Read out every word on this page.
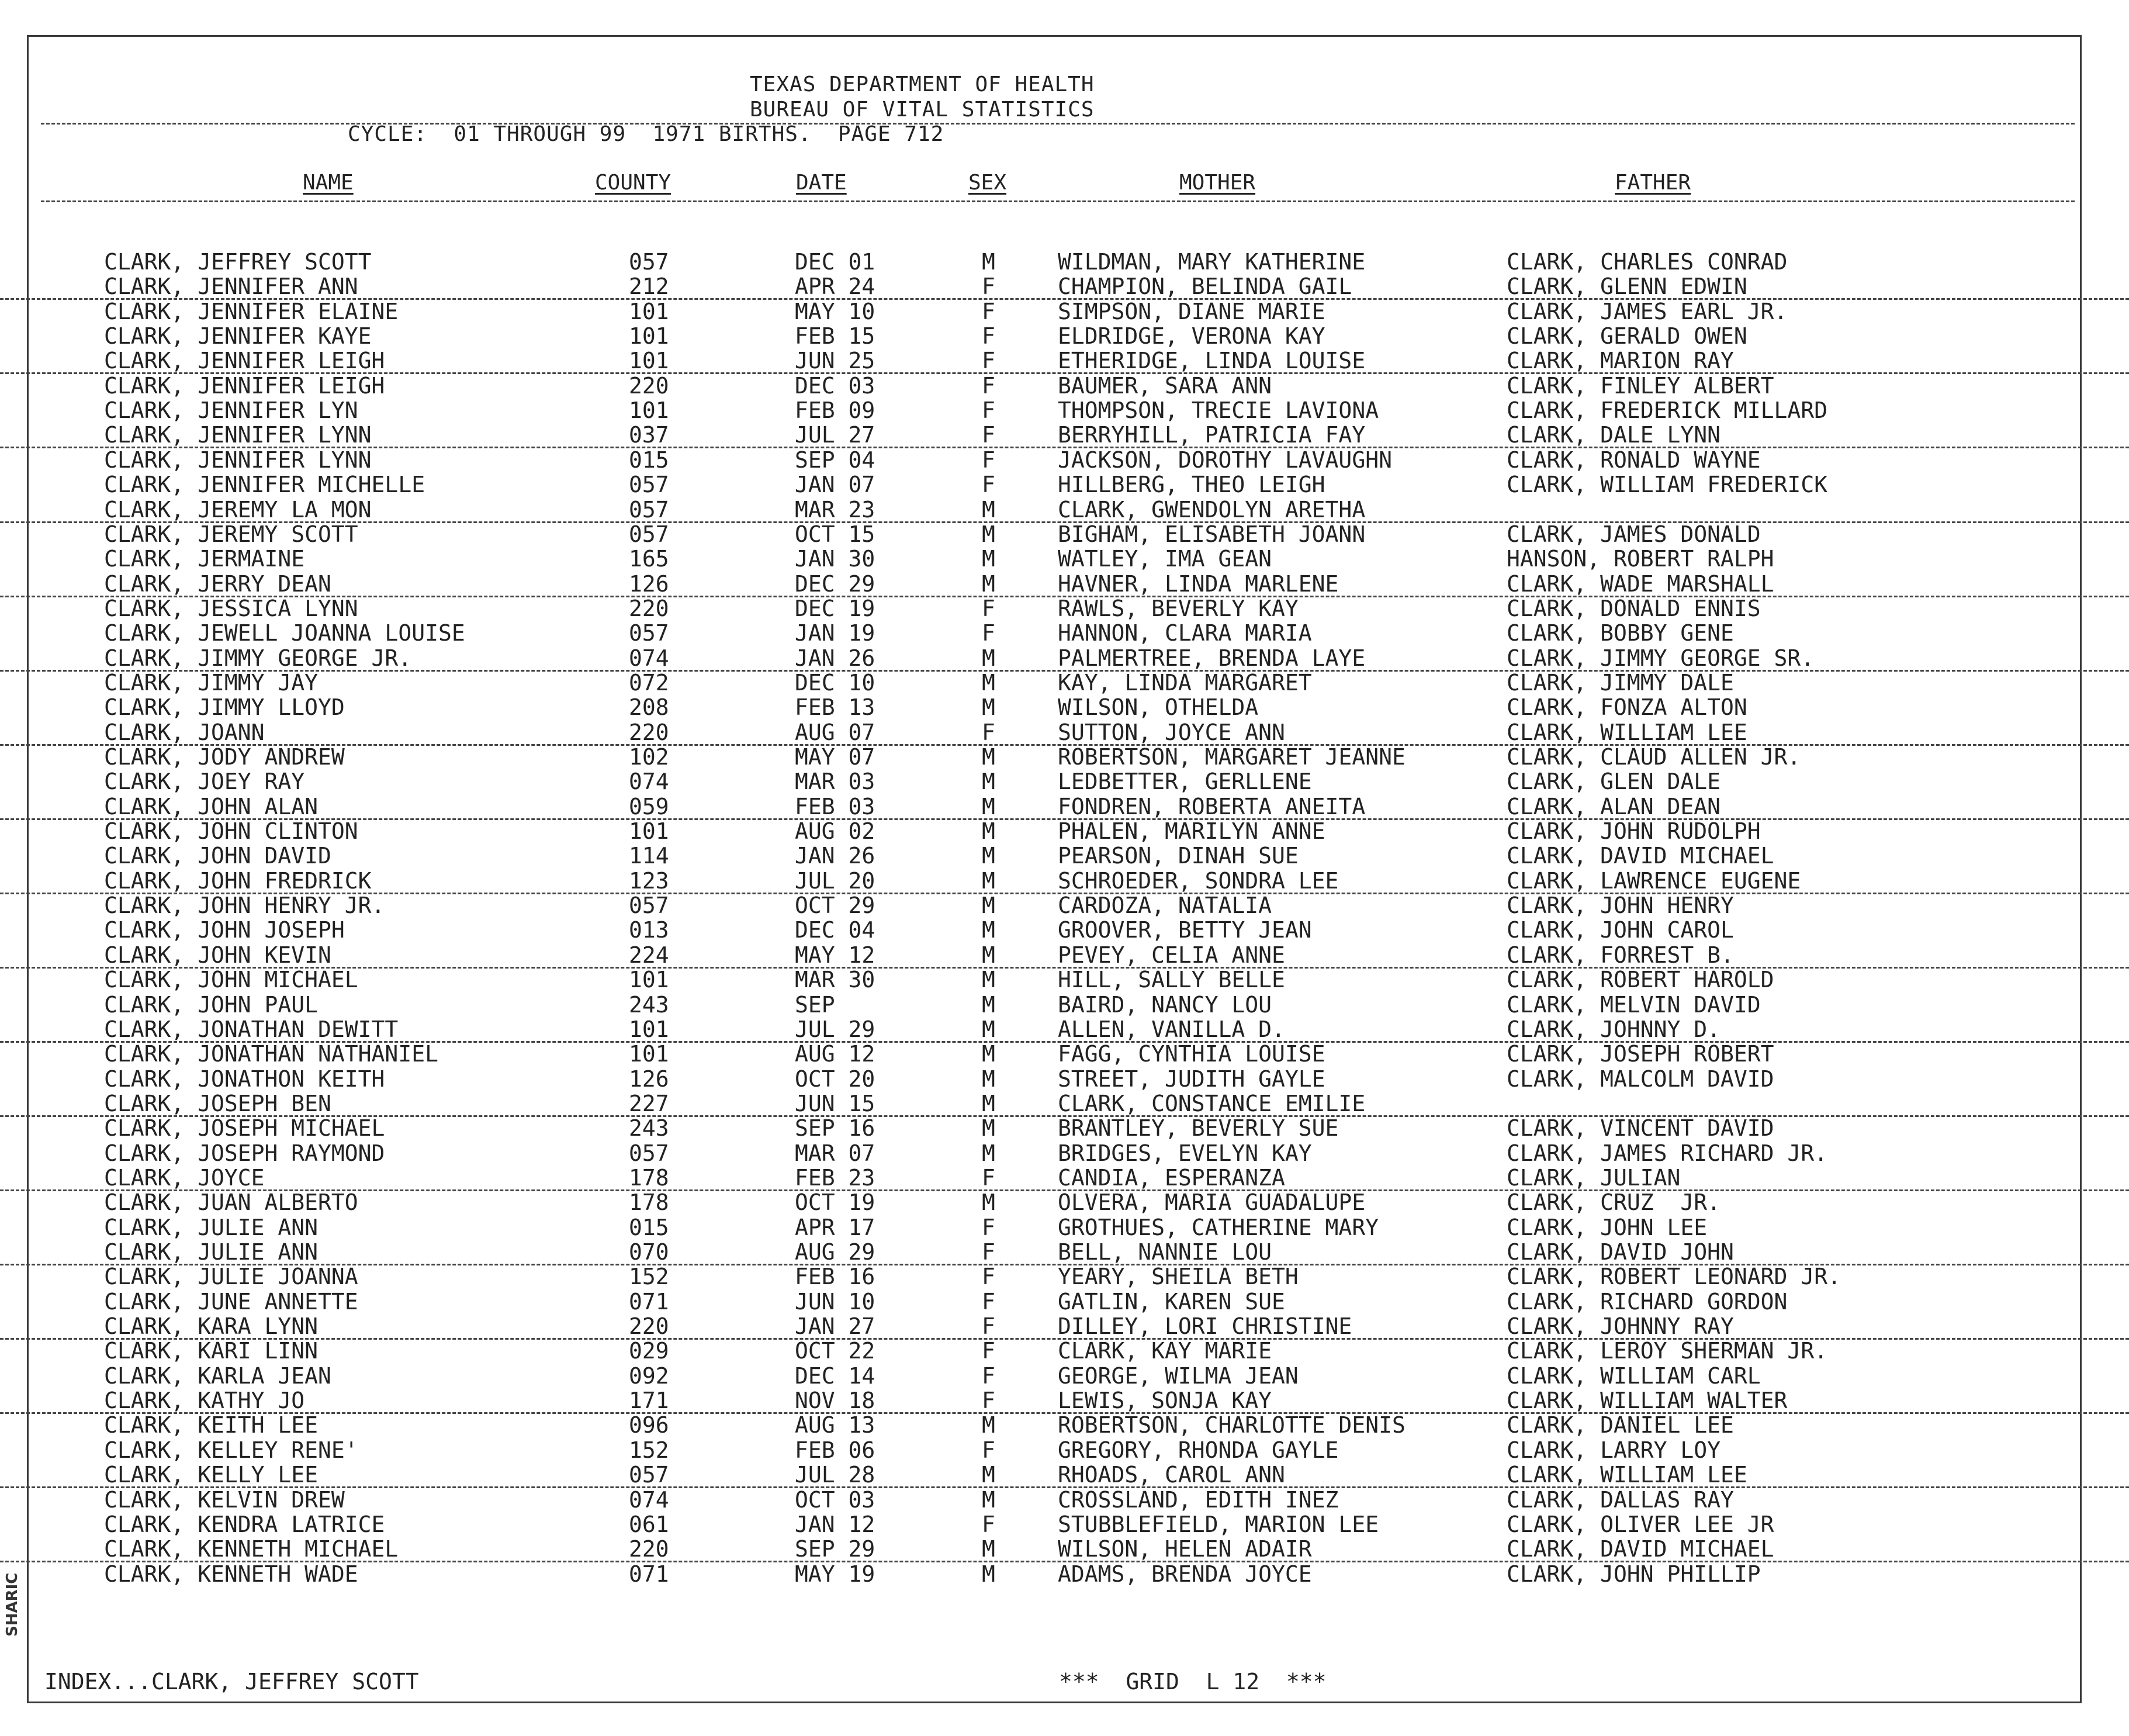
SHARIC
TEXAS DEPARTMENT OF HEALTH
BUREAU OF VITAL STATISTICS
CYCLE:  01 THROUGH 99  1971 BIRTHS.  PAGE 712
NAME	COUNTY	DATE	SEX	MOTHER	FATHER
CLARK, JEFFREY SCOTT	057	DEC 01	M	WILDMAN, MARY KATHERINE	CLARK, CHARLES CONRAD
CLARK, JENNIFER ANN	212	APR 24	F	CHAMPION, BELINDA GAIL	CLARK, GLENN EDWIN
CLARK, JENNIFER ELAINE	101	MAY 10	F	SIMPSON, DIANE MARIE	CLARK, JAMES EARL JR.
CLARK, JENNIFER KAYE	101	FEB 15	F	ELDRIDGE, VERONA KAY	CLARK, GERALD OWEN
CLARK, JENNIFER LEIGH	101	JUN 25	F	ETHERIDGE, LINDA LOUISE	CLARK, MARION RAY
CLARK, JENNIFER LEIGH	220	DEC 03	F	BAUMER, SARA ANN	CLARK, FINLEY ALBERT
CLARK, JENNIFER LYN	101	FEB 09	F	THOMPSON, TRECIE LAVIONA	CLARK, FREDERICK MILLARD
CLARK, JENNIFER LYNN	037	JUL 27	F	BERRYHILL, PATRICIA FAY	CLARK, DALE LYNN
CLARK, JENNIFER LYNN	015	SEP 04	F	JACKSON, DOROTHY LAVAUGHN	CLARK, RONALD WAYNE
CLARK, JENNIFER MICHELLE	057	JAN 07	F	HILLBERG, THEO LEIGH	CLARK, WILLIAM FREDERICK
CLARK, JEREMY LA MON	057	MAR 23	M	CLARK, GWENDOLYN ARETHA
CLARK, JEREMY SCOTT	057	OCT 15	M	BIGHAM, ELISABETH JOANN	CLARK, JAMES DONALD
CLARK, JERMAINE	165	JAN 30	M	WATLEY, IMA GEAN	HANSON, ROBERT RALPH
CLARK, JERRY DEAN	126	DEC 29	M	HAVNER, LINDA MARLENE	CLARK, WADE MARSHALL
CLARK, JESSICA LYNN	220	DEC 19	F	RAWLS, BEVERLY KAY	CLARK, DONALD ENNIS
CLARK, JEWELL JOANNA LOUISE	057	JAN 19	F	HANNON, CLARA MARIA	CLARK, BOBBY GENE
CLARK, JIMMY GEORGE JR.	074	JAN 26	M	PALMERTREE, BRENDA LAYE	CLARK, JIMMY GEORGE SR.
CLARK, JIMMY JAY	072	DEC 10	M	KAY, LINDA MARGARET	CLARK, JIMMY DALE
CLARK, JIMMY LLOYD	208	FEB 13	M	WILSON, OTHELDA	CLARK, FONZA ALTON
CLARK, JOANN	220	AUG 07	F	SUTTON, JOYCE ANN	CLARK, WILLIAM LEE
CLARK, JODY ANDREW	102	MAY 07	M	ROBERTSON, MARGARET JEANNE	CLARK, CLAUD ALLEN JR.
CLARK, JOEY RAY	074	MAR 03	M	LEDBETTER, GERLLENE	CLARK, GLEN DALE
CLARK, JOHN ALAN	059	FEB 03	M	FONDREN, ROBERTA ANEITA	CLARK, ALAN DEAN
CLARK, JOHN CLINTON	101	AUG 02	M	PHALEN, MARILYN ANNE	CLARK, JOHN RUDOLPH
CLARK, JOHN DAVID	114	JAN 26	M	PEARSON, DINAH SUE	CLARK, DAVID MICHAEL
CLARK, JOHN FREDRICK	123	JUL 20	M	SCHROEDER, SONDRA LEE	CLARK, LAWRENCE EUGENE
CLARK, JOHN HENRY JR.	057	OCT 29	M	CARDOZA, NATALIA	CLARK, JOHN HENRY
CLARK, JOHN JOSEPH	013	DEC 04	M	GROOVER, BETTY JEAN	CLARK, JOHN CAROL
CLARK, JOHN KEVIN	224	MAY 12	M	PEVEY, CELIA ANNE	CLARK, FORREST B.
CLARK, JOHN MICHAEL	101	MAR 30	M	HILL, SALLY BELLE	CLARK, ROBERT HAROLD
CLARK, JOHN PAUL	243	SEP	M	BAIRD, NANCY LOU	CLARK, MELVIN DAVID
CLARK, JONATHAN DEWITT	101	JUL 29	M	ALLEN, VANILLA D.	CLARK, JOHNNY D.
CLARK, JONATHAN NATHANIEL	101	AUG 12	M	FAGG, CYNTHIA LOUISE	CLARK, JOSEPH ROBERT
CLARK, JONATHON KEITH	126	OCT 20	M	STREET, JUDITH GAYLE	CLARK, MALCOLM DAVID
CLARK, JOSEPH BEN	227	JUN 15	M	CLARK, CONSTANCE EMILIE
CLARK, JOSEPH MICHAEL	243	SEP 16	M	BRANTLEY, BEVERLY SUE	CLARK, VINCENT DAVID
CLARK, JOSEPH RAYMOND	057	MAR 07	M	BRIDGES, EVELYN KAY	CLARK, JAMES RICHARD JR.
CLARK, JOYCE	178	FEB 23	F	CANDIA, ESPERANZA	CLARK, JULIAN
CLARK, JUAN ALBERTO	178	OCT 19	M	OLVERA, MARIA GUADALUPE	CLARK, CRUZ  JR.
CLARK, JULIE ANN	015	APR 17	F	GROTHUES, CATHERINE MARY	CLARK, JOHN LEE
CLARK, JULIE ANN	070	AUG 29	F	BELL, NANNIE LOU	CLARK, DAVID JOHN
CLARK, JULIE JOANNA	152	FEB 16	F	YEARY, SHEILA BETH	CLARK, ROBERT LEONARD JR.
CLARK, JUNE ANNETTE	071	JUN 10	F	GATLIN, KAREN SUE	CLARK, RICHARD GORDON
CLARK, KARA LYNN	220	JAN 27	F	DILLEY, LORI CHRISTINE	CLARK, JOHNNY RAY
CLARK, KARI LINN	029	OCT 22	F	CLARK, KAY MARIE	CLARK, LEROY SHERMAN JR.
CLARK, KARLA JEAN	092	DEC 14	F	GEORGE, WILMA JEAN	CLARK, WILLIAM CARL
CLARK, KATHY JO	171	NOV 18	F	LEWIS, SONJA KAY	CLARK, WILLIAM WALTER
CLARK, KEITH LEE	096	AUG 13	M	ROBERTSON, CHARLOTTE DENIS	CLARK, DANIEL LEE
CLARK, KELLEY RENE'	152	FEB 06	F	GREGORY, RHONDA GAYLE	CLARK, LARRY LOY
CLARK, KELLY LEE	057	JUL 28	M	RHOADS, CAROL ANN	CLARK, WILLIAM LEE
CLARK, KELVIN DREW	074	OCT 03	M	CROSSLAND, EDITH INEZ	CLARK, DALLAS RAY
CLARK, KENDRA LATRICE	061	JAN 12	F	STUBBLEFIELD, MARION LEE	CLARK, OLIVER LEE JR
CLARK, KENNETH MICHAEL	220	SEP 29	M	WILSON, HELEN ADAIR	CLARK, DAVID MICHAEL
CLARK, KENNETH WADE	071	MAY 19	M	ADAMS, BRENDA JOYCE	CLARK, JOHN PHILLIP
INDEX...CLARK, JEFFREY SCOTT	***  GRID  L 12  ***
